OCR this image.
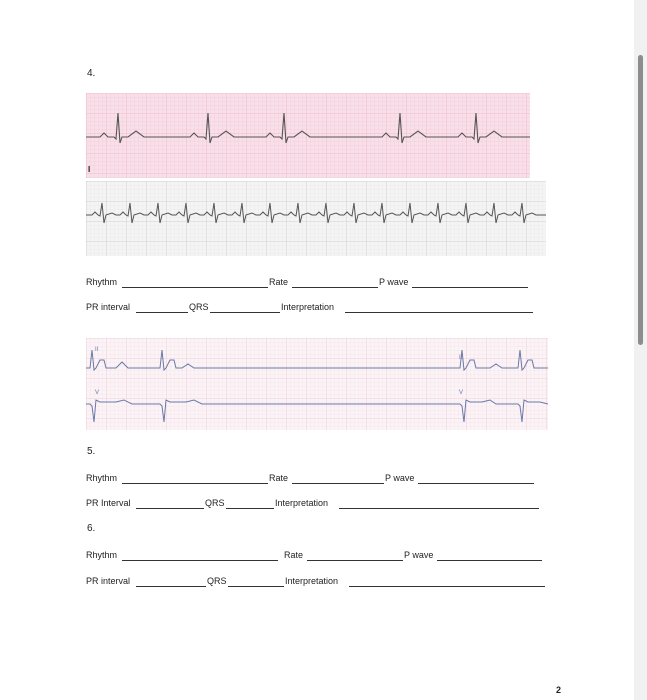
4.
I
Rhythm	Rate	P wave
PR interval	QRS	Interpretation
II
V
II
V
5.
Rhythm	Rate	P wave
PR Interval	QRS	Interpretation
6.
Rhythm	Rate	P wave
PR interval	QRS	Interpretation
2
